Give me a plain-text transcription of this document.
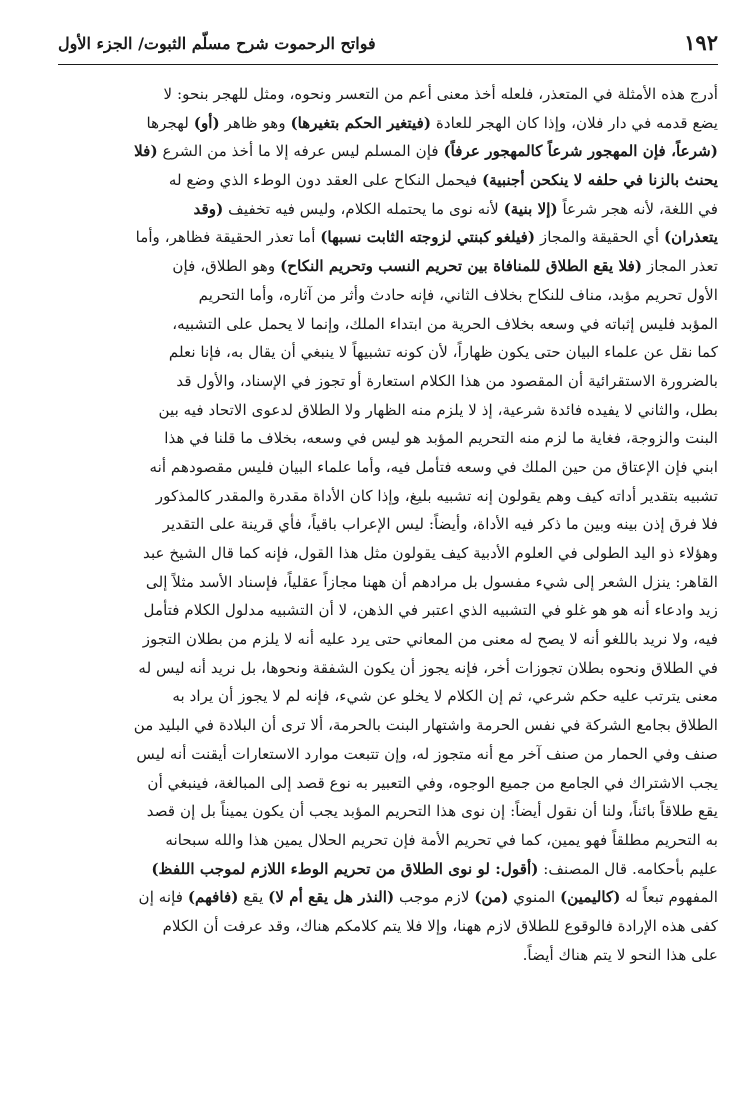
١٩٢
فواتح الرحموت شرح مسلّم الثبوت/ الجزء الأول
أدرج هذه الأمثلة في المتعذر، فلعله أخذ معنى أعم من التعسر ونحوه، ومثل للهجر بنحو: لا
يضع قدمه في دار فلان، وإذا كان الهجر للعادة (فيتغير الحكم بتغيرها) وهو ظاهر (أو) لهجرها
(شرعاً، فإن المهجور شرعاً كالمهجور عرفاً) فإن المسلم ليس عرفه إلا ما أخذ من الشرع (فلا
يحنث بالزنا في حلفه لا ينكحن أجنبية) فيحمل النكاح على العقد دون الوطء الذي وضع له
في اللغة، لأنه هجر شرعاً (إلا بنية) لأنه نوى ما يحتمله الكلام، وليس فيه تخفيف (وقد
يتعذران) أي الحقيقة والمجاز (فيلغو كبنتي لزوجته الثابت نسبها) أما تعذر الحقيقة فظاهر، وأما
تعذر المجاز (فلا يقع الطلاق للمنافاة بين تحريم النسب وتحريم النكاح) وهو الطلاق، فإن
الأول تحريم مؤبد، مناف للنكاح بخلاف الثاني، فإنه حادث وأثر من آثاره، وأما التحريم
المؤبد فليس إثباته في وسعه بخلاف الحرية من ابتداء الملك، وإنما لا يحمل على التشبيه،
كما نقل عن علماء البيان حتى يكون ظهاراً، لأن كونه تشبيهاً لا ينبغي أن يقال به، فإنا نعلم
بالضرورة الاستقرائية أن المقصود من هذا الكلام استعارة أو تجوز في الإسناد، والأول قد
بطل، والثاني لا يفيده فائدة شرعية، إذ لا يلزم منه الظهار ولا الطلاق لدعوى الاتحاد فيه بين
البنت والزوجة، فغاية ما لزم منه التحريم المؤبد هو ليس في وسعه، بخلاف ما قلنا في هذا
ابني فإن الإعتاق من حين الملك في وسعه فتأمل فيه، وأما علماء البيان فليس مقصودهم أنه
تشبيه بتقدير أداته كيف وهم يقولون إنه تشبيه بليغ، وإذا كان الأداة مقدرة والمقدر كالمذكور
فلا فرق إذن بينه وبين ما ذكر فيه الأداة، وأيضاً: ليس الإعراب باقياً، فأي قرينة على التقدير
وهؤلاء ذو اليد الطولى في العلوم الأدبية كيف يقولون مثل هذا القول، فإنه كما قال الشيخ عبد
القاهر: ينزل الشعر إلى شيء مفسول بل مرادهم أن ههنا مجازاً عقلياً، فإسناد الأسد مثلاً إلى
زيد وادعاء أنه هو هو غلو في التشبيه الذي اعتبر في الذهن، لا أن التشبيه مدلول الكلام فتأمل
فيه، ولا نريد باللغو أنه لا يصح له معنى من المعاني حتى يرد عليه أنه لا يلزم من بطلان التجوز
في الطلاق ونحوه بطلان تجوزات أخر، فإنه يجوز أن يكون الشفقة ونحوها، بل نريد أنه ليس له
معنى يترتب عليه حكم شرعي، ثم إن الكلام لا يخلو عن شيء، فإنه لم لا يجوز أن يراد به
الطلاق بجامع الشركة في نفس الحرمة واشتهار البنت بالحرمة، ألا ترى أن البلادة في البليد من
صنف وفي الحمار من صنف آخر مع أنه متجوز له، وإن تتبعت موارد الاستعارات أيقنت أنه ليس
يجب الاشتراك في الجامع من جميع الوجوه، وفي التعبير به نوع قصد إلى المبالغة، فينبغي أن
يقع طلاقاً بائناً، ولنا أن نقول أيضاً: إن نوى هذا التحريم المؤبد يجب أن يكون يميناً بل إن قصد
به التحريم مطلقاً فهو يمين، كما في تحريم الأمة فإن تحريم الحلال يمين هذا والله سبحانه
عليم بأحكامه. قال المصنف: (أقول: لو نوى الطلاق من تحريم الوطء اللازم لموجب اللفظ)
المفهوم تبعاً له (كاليمين) المنوي (من) لازم موجب (النذر هل يقع أم لا) يقع (فافهم) فإنه إن
كفى هذه الإرادة فالوقوع للطلاق لازم ههنا، وإلا فلا يتم كلامكم هناك، وقد عرفت أن الكلام
على هذا النحو لا يتم هناك أيضاً.
